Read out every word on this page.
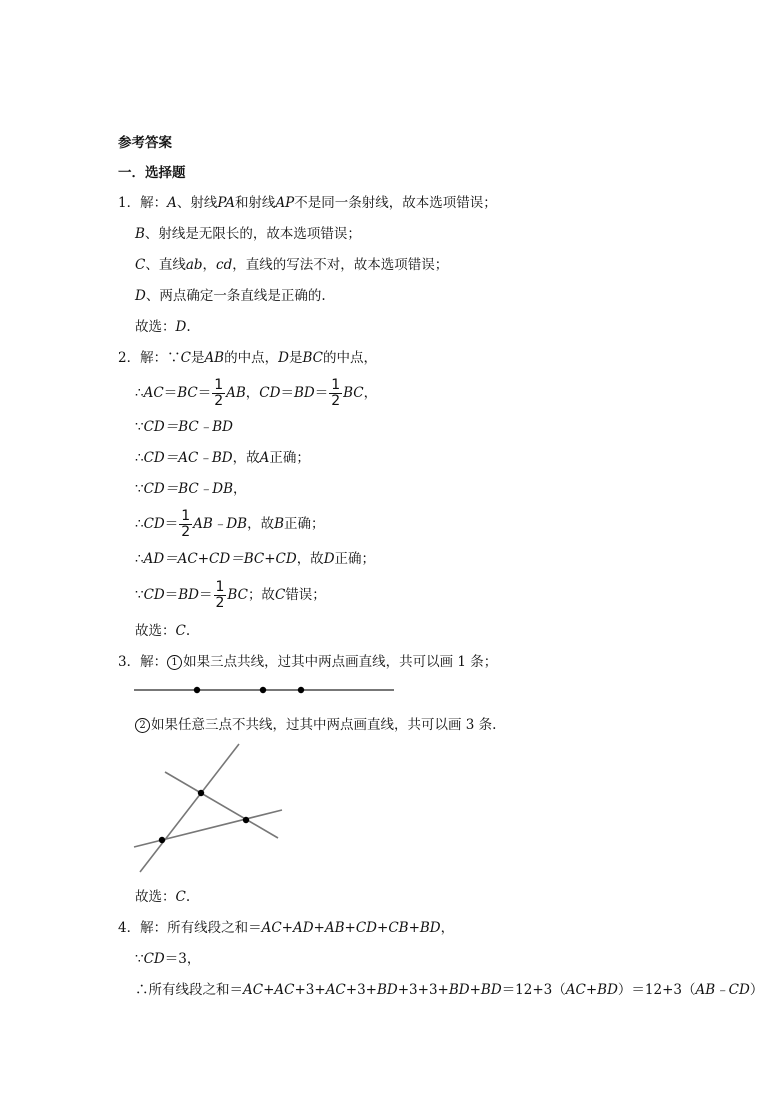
参考答案
一．选择题
1．解：A、射线PA和射线AP不是同一条射线，故本选项错误；
B、射线是无限长的，故本选项错误；
C、直线ab，cd，直线的写法不对，故本选项错误；
D、两点确定一条直线是正确的.
故选：D.
2．解：∵C是AB的中点，D是BC的中点，
∴AC＝BC＝ $\frac{1}{2}$ AB，$CD=BD= \frac{1}{2}$ BC，
∵CD＝BC﹣BD
∴CD＝AC﹣BD，故A正确；
∵CD＝BC﹣DB，
∴CD＝ $\frac{1}{2}$ AB﹣DB，故B正确；
∴AD＝AC+CD＝BC+CD，故D正确；
∵CD＝BD＝ $\frac{1}{2}$ BC；故C错误；
故选：C.
3．解： 1 如果三点共线，过其中两点画直线，共可以画 1 条；
2 如果任意三点不共线，过其中两点画直线，共可以画 3 条.
故选：C.
4．解：所有线段之和＝AC+AD+AB+CD+CB+BD，
∵CD＝3，
∴所有线段之和＝AC+AC+3+AC+3+BD+3+3+BD+BD＝12+3（AC+BD）＝12+3（AB﹣CD）
